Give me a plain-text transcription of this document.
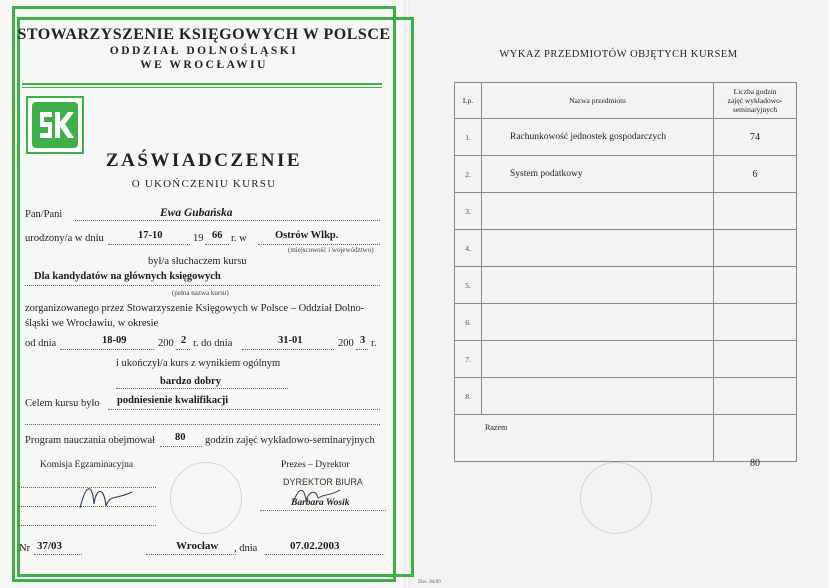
STOWARZYSZENIE KSIĘGOWYCH W POLSCE
ODDZIAŁ DOLNOŚLĄSKI
WE WROCŁAWIU
ZAŚWIADCZENIE
O UKOŃCZENIU KURSU
Pan/Pani	Ewa Gubańska
urodzony/a w dniu	17-10	19 66 r. w	Ostrów Wlkp.
(miejscowość i województwo)
był/a słuchaczem kursu
Dla kandydatów na głównych księgowych
(pełna nazwa kursu)
zorganizowanego przez Stowarzyszenie Księgowych w Polsce – Oddział Dolno-
śląski we Wrocławiu, w okresie
od dnia	18-09	200 2 r. do dnia	31-01	200 3 r.
i ukończył/a kurs z wynikiem ogólnym
bardzo dobry
Celem kursu było podniesienie kwalifikacji
Program nauczania obejmował 80 godzin zajęć wykładowo-seminaryjnych
Komisja Egzaminacyjna	Prezes – Dyrektor
DYREKTOR BIURA
Barbara Wosik
Nr 37/03	Wrocław , dnia	07.02.2003
WYKAZ PRZEDMIOTÓW OBJĘTYCH KURSEM
Lp.	Nazwa przedmiotu	Liczba godzin
zajęć wykładowo-
seminaryjnych

1.	Rachunkowość jednostek gospodarczych	74
2.	System podatkowy	6
3.		
4.		
5.		
6.		
7.		
8.		
Razem		80
Zlec. 84/99
